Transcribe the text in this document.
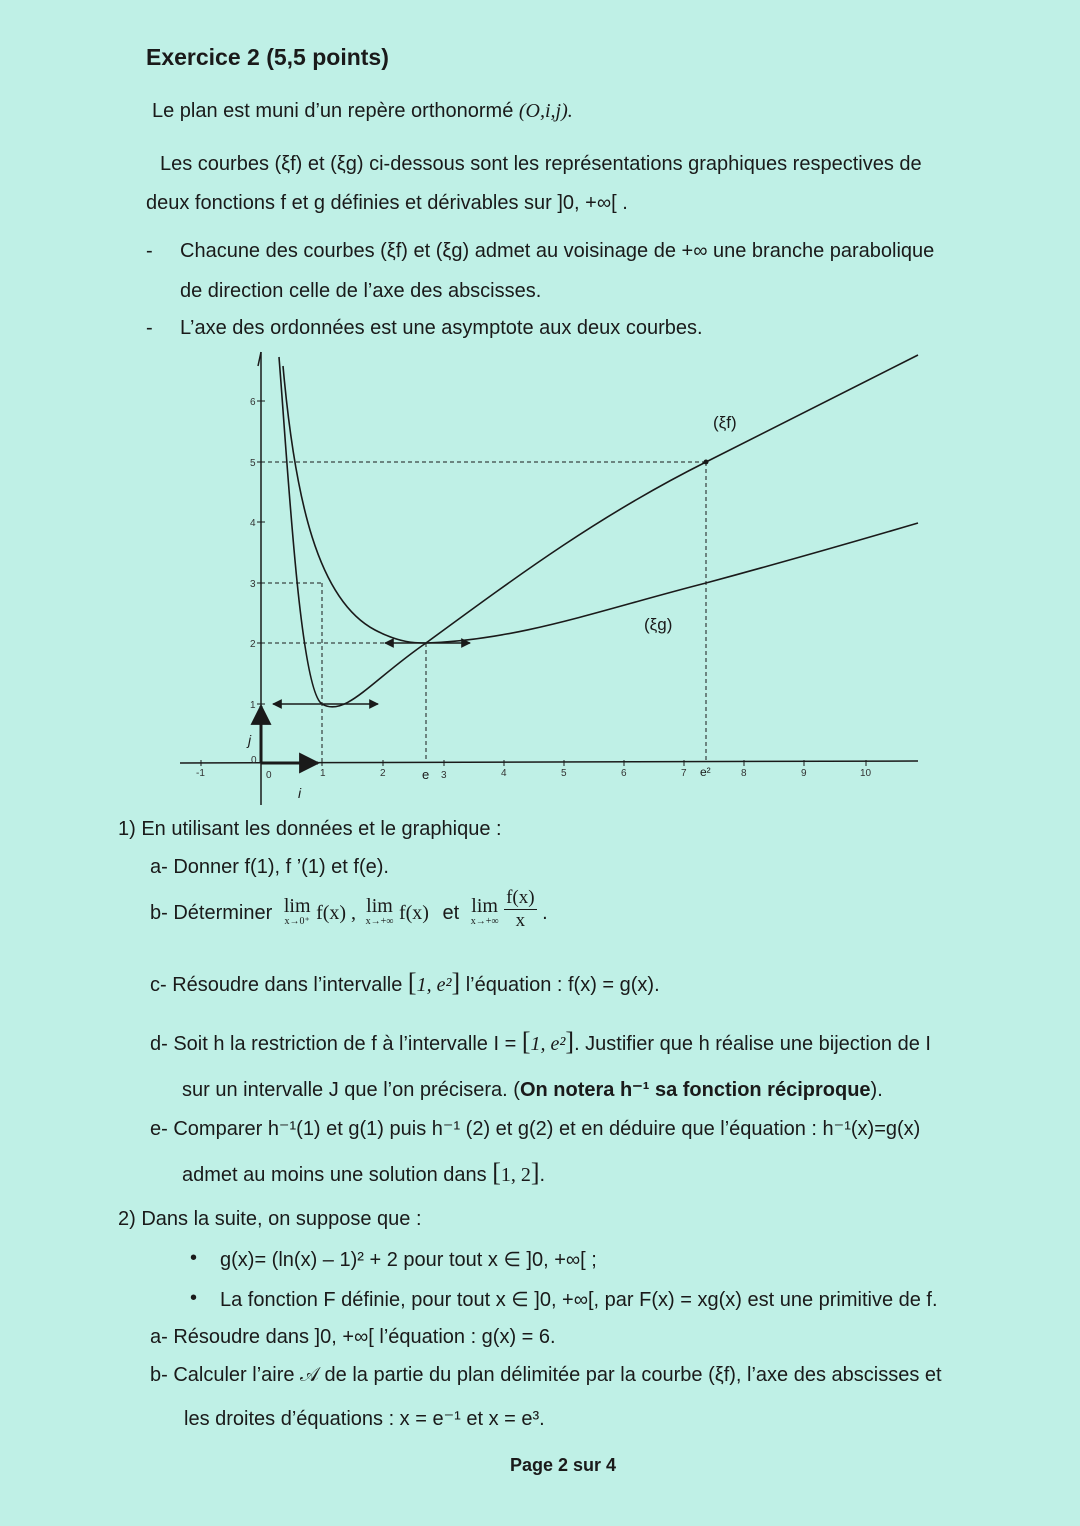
Exercice 2 (5,5 points)
Le plan est muni d’un repère orthonormé (O,i,j).
Les courbes (ξf) et (ξg) ci-dessous sont les représentations graphiques respectives de
deux fonctions f et g définies et dérivables sur ]0, +∞[ .
- Chacune des courbes (ξf) et (ξg) admet au voisinage de +∞ une branche parabolique
de direction celle de l’axe des abscisses.
- L’axe des ordonnées est une asymptote aux deux courbes.
-1	0	1	2	3	4	5	6	7	8	9	10
1
2
3
4
5
6
0
e	e²
i
j
(ξf)
(ξg)
1) En utilisant les données et le graphique :
a- Donner f(1), f ’(1) et f(e).
b- Déterminer lim
x→0⁺ f(x) , lim
x→+∞ f(x) et lim
x→+∞
$\frac{f(x)}{x}$ .
c- Résoudre dans l’intervalle [1, e²] l’équation : f(x) = g(x).
d- Soit h la restriction de f à l’intervalle I = [1, e²]. Justifier que h réalise une bijection de I
sur un intervalle J que l’on précisera. (On notera h⁻¹ sa fonction réciproque).
e- Comparer h⁻¹(1) et g(1) puis h⁻¹ (2) et g(2) et en déduire que l’équation : h⁻¹(x)=g(x)
admet au moins une solution dans [1, 2].
2) Dans la suite, on suppose que :
• g(x)= (ln(x) – 1)² + 2 pour tout x ∈ ]0, +∞[ ;
• La fonction F définie, pour tout x ∈ ]0, +∞[, par F(x) = xg(x) est une primitive de f.
a- Résoudre dans ]0, +∞[ l’équation : g(x) = 6.
b- Calculer l’aire 𝒜 de la partie du plan délimitée par la courbe (ξf), l’axe des abscisses et
les droites d’équations : x = e⁻¹ et x = e³.
Page 2 sur 4
